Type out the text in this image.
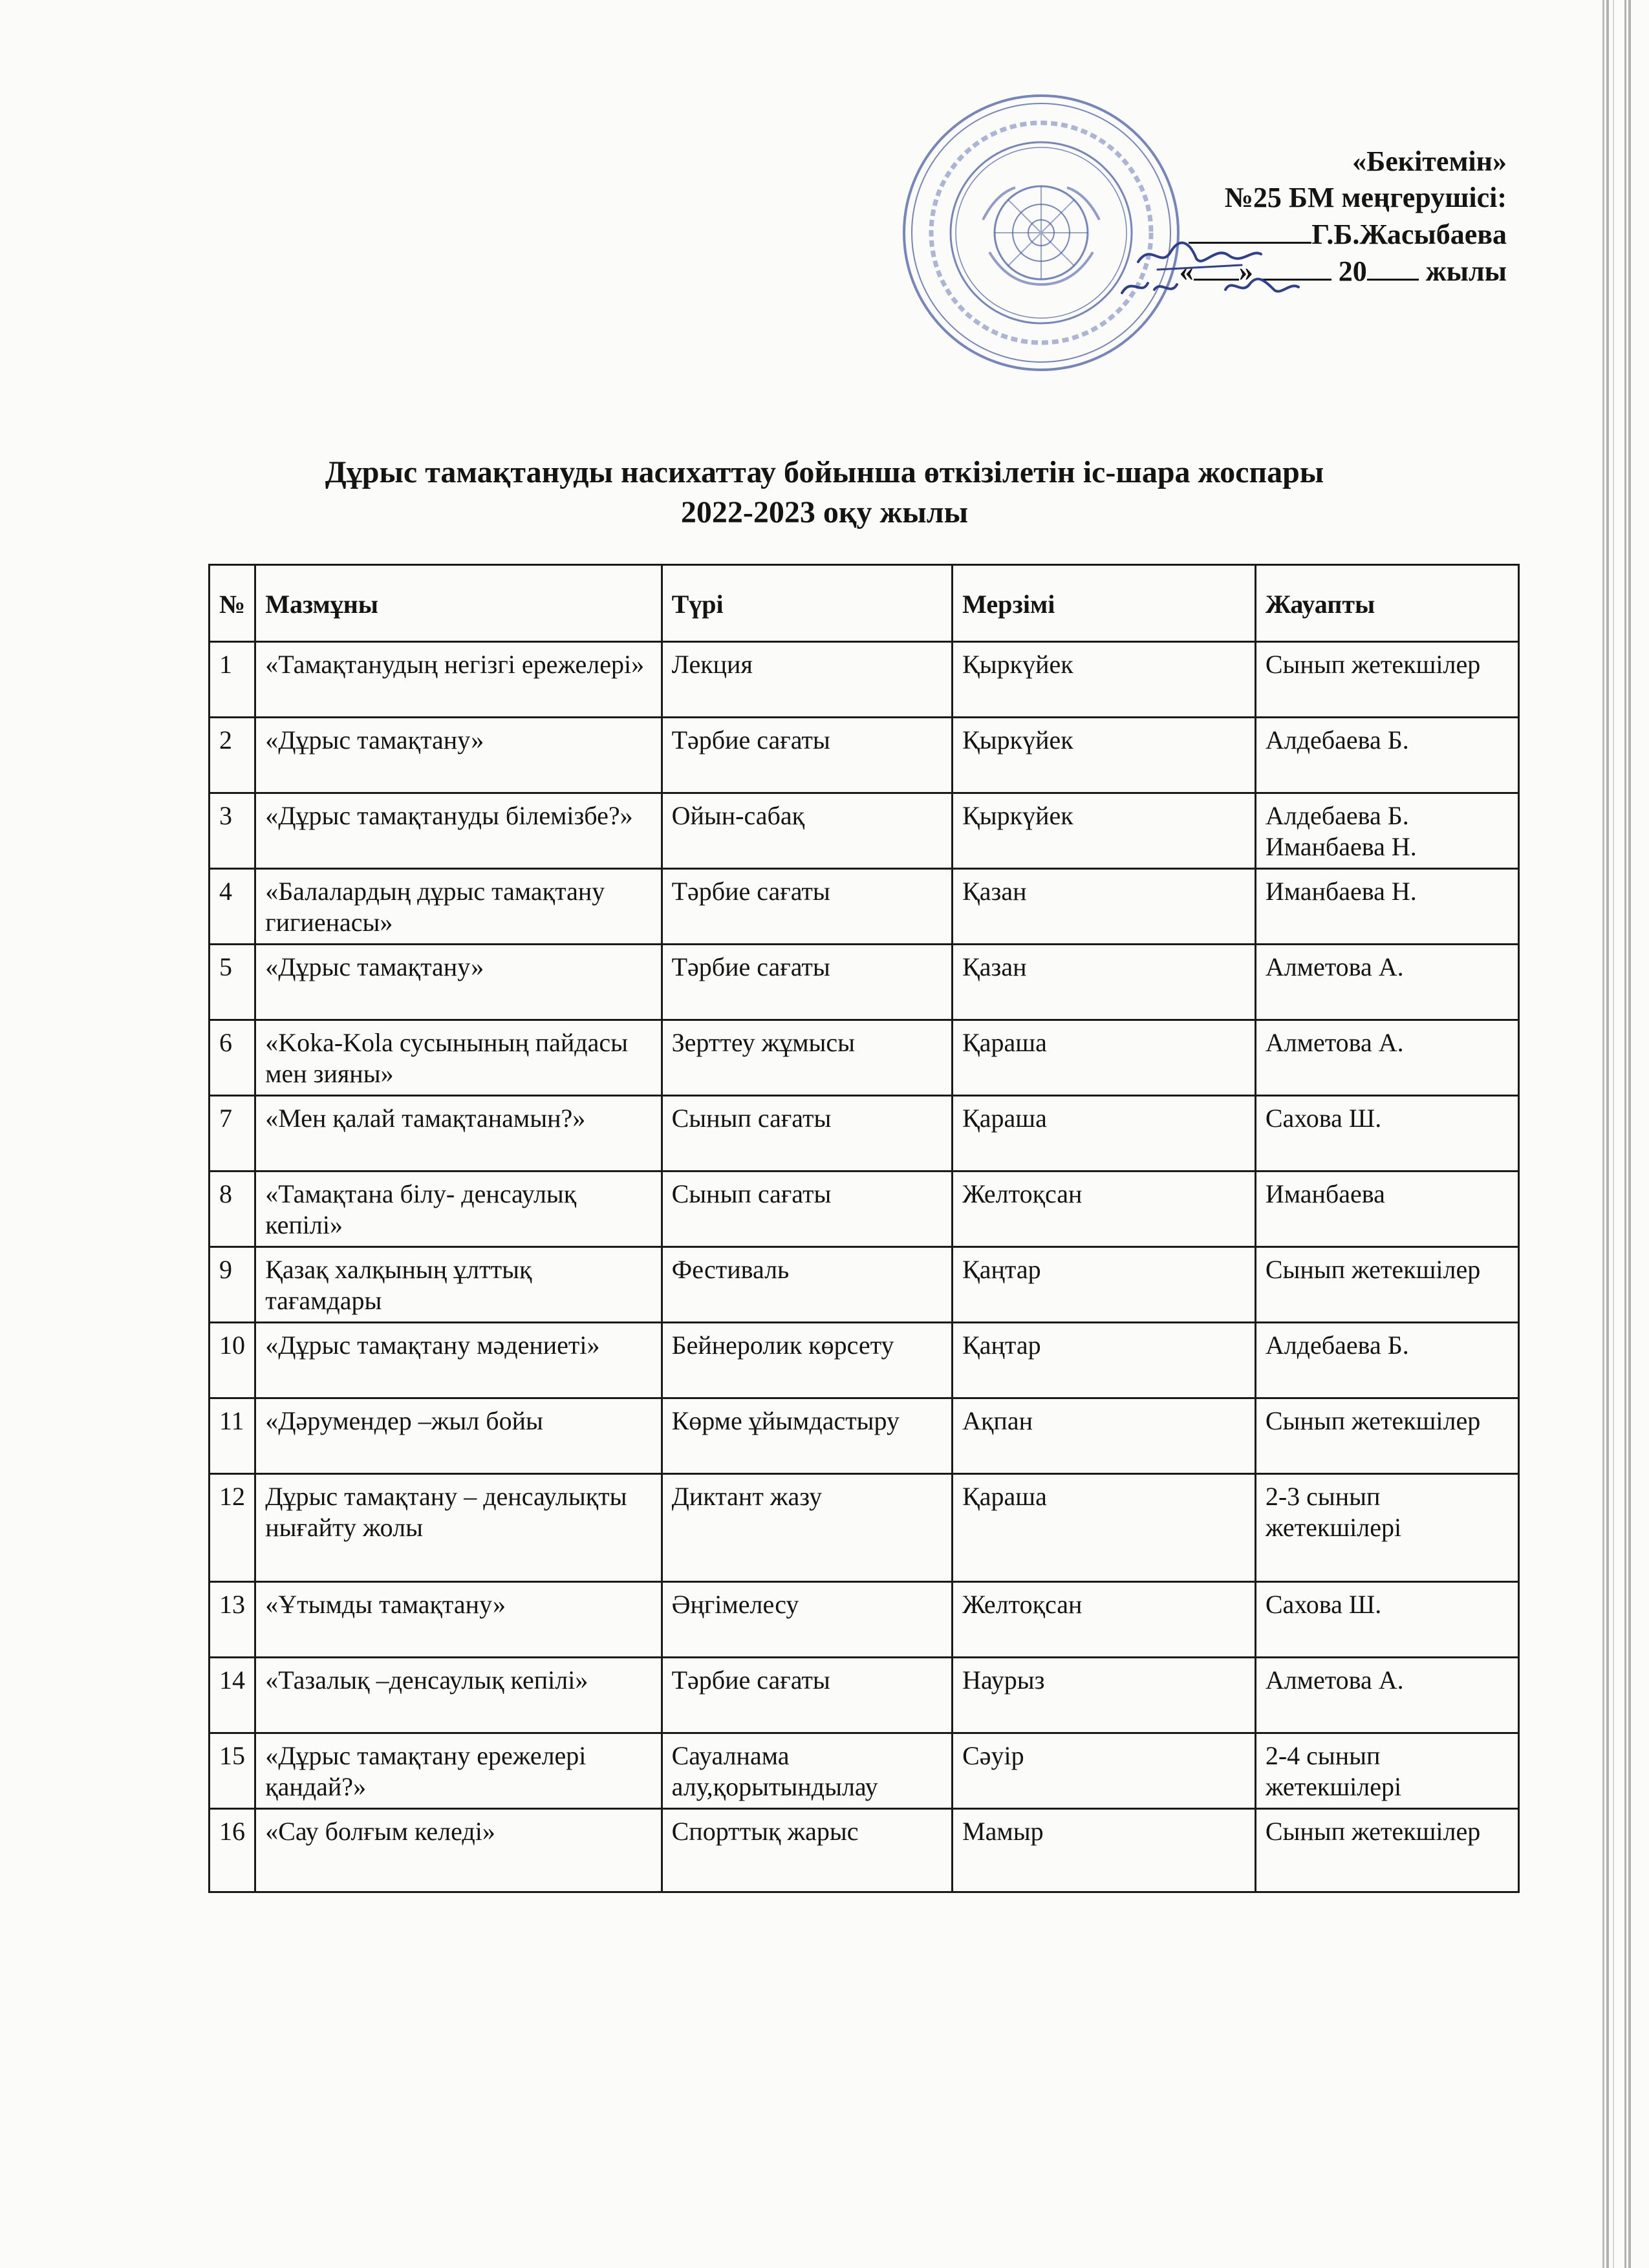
«Бекітемін»
№25 БМ меңгерушісі:
Г.Б.Жасыбаева
« »	20 жылы
Дұрыс тамақтануды насихаттау бойынша өткізілетін іс-шара жоспары
2022-2023 оқу жылы
№	Мазмұны	Түрі	Мерзімі	Жауапты
1	«Тамақтанудың негізгі ережелері»	Лекция	Қыркүйек	Сынып жетекшілер
2	«Дұрыс тамақтану»	Тәрбие сағаты	Қыркүйек	Алдебаева Б.
3	«Дұрыс тамақтануды білемізбе?»	Ойын-сабақ	Қыркүйек	Алдебаева Б. Иманбаева Н.
4	«Балалардың дұрыс тамақтану гигиенасы»	Тәрбие сағаты	Қазан	Иманбаева Н.
5	«Дұрыс тамақтану»	Тәрбие сағаты	Қазан	Алметова А.
6	«Koka-Kola сусынының пайдасы мен зияны»	Зерттеу жұмысы	Қараша	Алметова А.
7	«Мен қалай тамақтанамын?»	Сынып сағаты	Қараша	Сахова Ш.
8	«Тамақтана білу- денсаулық кепілі»	Сынып сағаты	Желтоқсан	Иманбаева
9	Қазақ халқының ұлттық тағамдары	Фестиваль	Қаңтар	Сынып жетекшілер
10	«Дұрыс тамақтану мәдениеті»	Бейнеролик көрсету	Қаңтар	Алдебаева Б.
11	«Дәрумендер –жыл бойы	Көрме ұйымдастыру	Ақпан	Сынып жетекшілер
12	Дұрыс тамақтану – денсаулықты нығайту жолы	Диктант жазу	Қараша	2-3 сынып жетекшілері
13	«Ұтымды тамақтану»	Әңгімелесу	Желтоқсан	Сахова Ш.
14	«Тазалық –денсаулық кепілі»	Тәрбие сағаты	Наурыз	Алметова А.
15	«Дұрыс тамақтану ережелері қандай?»	Сауалнама алу,қорытындылау	Сәуір	2-4 сынып жетекшілері
16	«Сау болғым келеді»	Спорттық жарыс	Мамыр	Сынып жетекшілер
